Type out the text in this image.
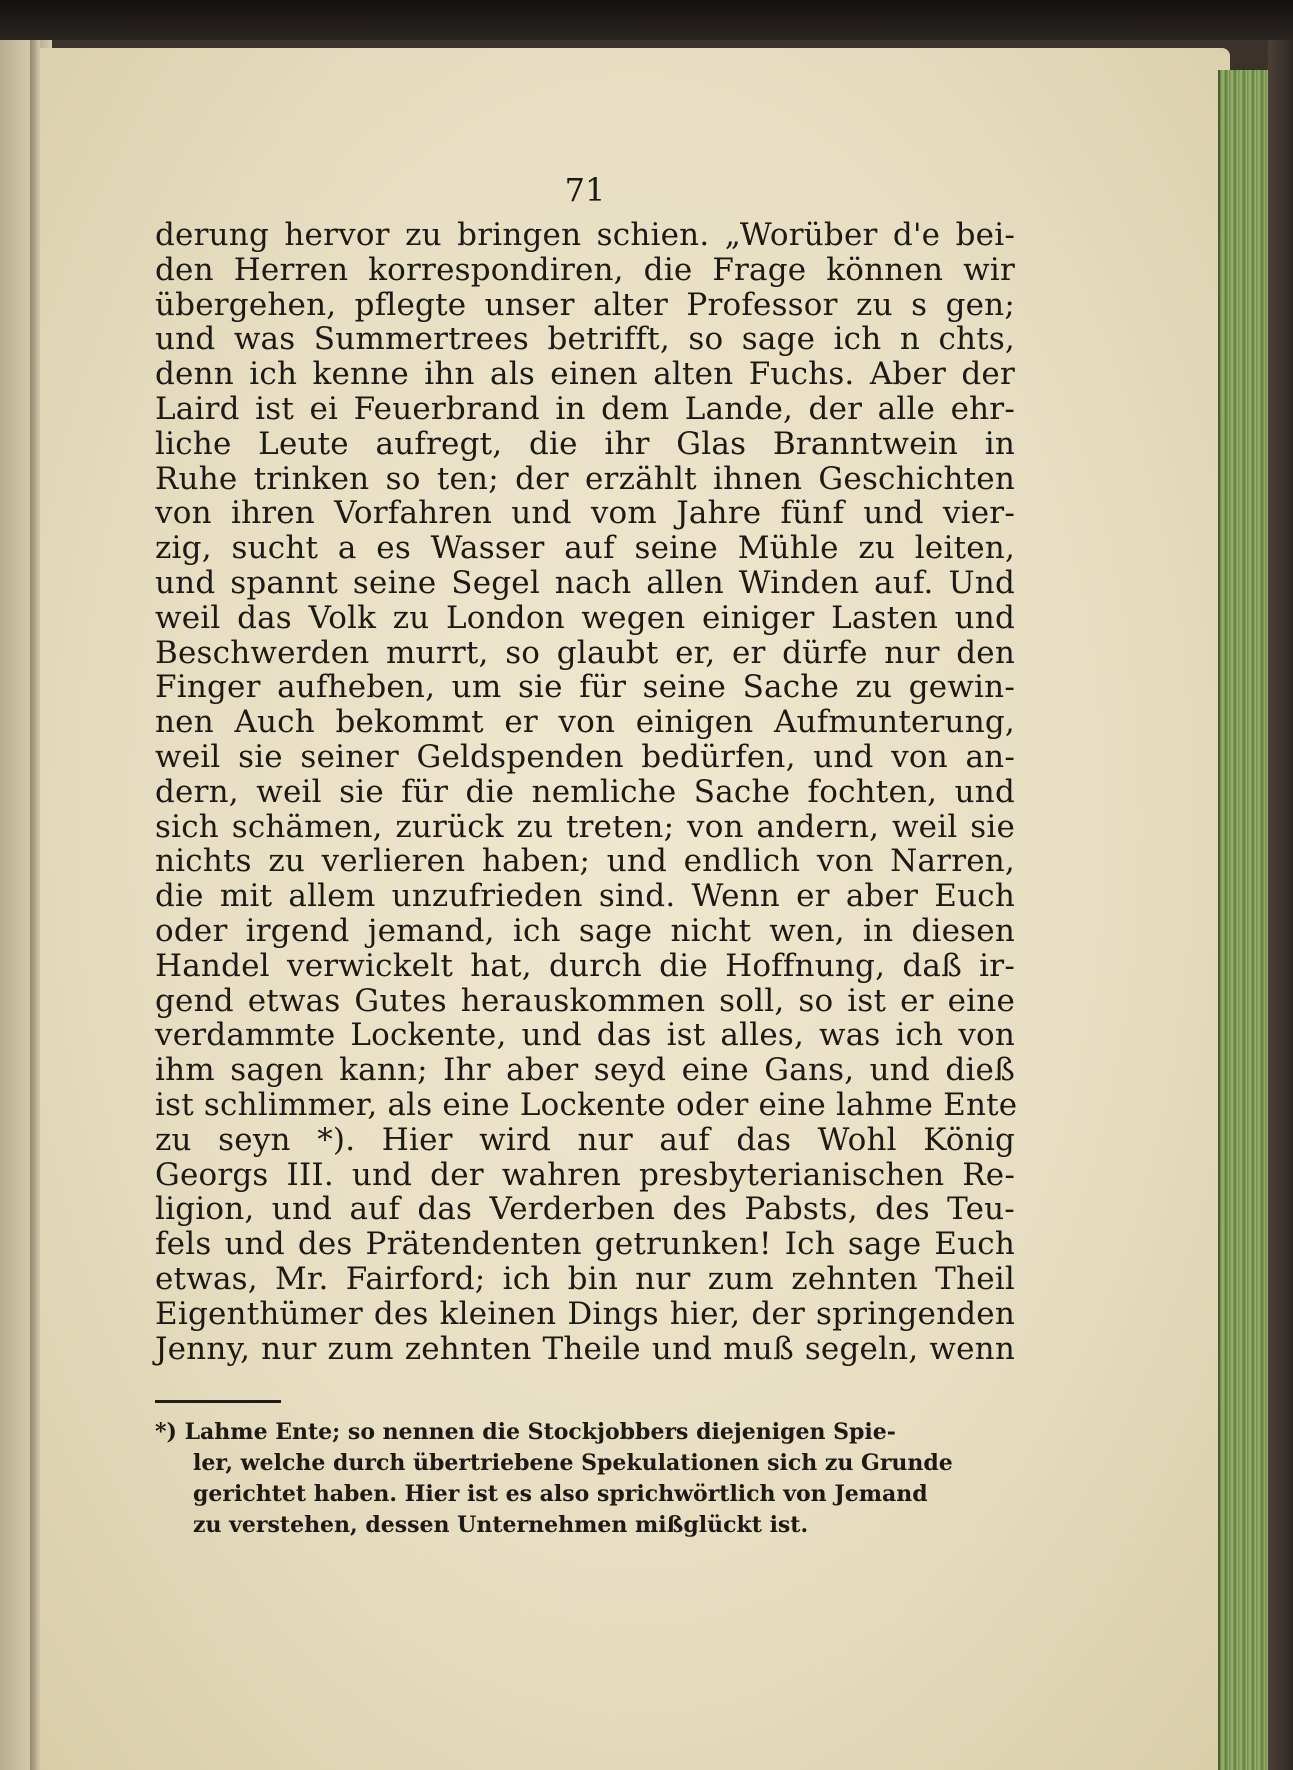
71
derung hervor zu bringen schien. „Worüber d'e bei-
den Herren korrespondiren, die Frage können wir
übergehen, pflegte unser alter Professor zu s gen;
und was Summertrees betrifft, so sage ich n chts,
denn ich kenne ihn als einen alten Fuchs. Aber der
Laird ist ei Feuerbrand in dem Lande, der alle ehr-
liche Leute aufregt, die ihr Glas Branntwein in
Ruhe trinken so ten; der erzählt ihnen Geschichten
von ihren Vorfahren und vom Jahre fünf und vier-
zig, sucht a es Wasser auf seine Mühle zu leiten,
und spannt seine Segel nach allen Winden auf. Und
weil das Volk zu London wegen einiger Lasten und
Beschwerden murrt, so glaubt er, er dürfe nur den
Finger aufheben, um sie für seine Sache zu gewin-
nen Auch bekommt er von einigen Aufmunterung,
weil sie seiner Geldspenden bedürfen, und von an-
dern, weil sie für die nemliche Sache fochten, und
sich schämen, zurück zu treten; von andern, weil sie
nichts zu verlieren haben; und endlich von Narren,
die mit allem unzufrieden sind. Wenn er aber Euch
oder irgend jemand, ich sage nicht wen, in diesen
Handel verwickelt hat, durch die Hoffnung, daß ir-
gend etwas Gutes herauskommen soll, so ist er eine
verdammte Lockente, und das ist alles, was ich von
ihm sagen kann; Ihr aber seyd eine Gans, und dieß
ist schlimmer, als eine Lockente oder eine lahme Ente
zu seyn *). Hier wird nur auf das Wohl König
Georgs III. und der wahren presbyterianischen Re-
ligion, und auf das Verderben des Pabsts, des Teu-
fels und des Prätendenten getrunken! Ich sage Euch
etwas, Mr. Fairford; ich bin nur zum zehnten Theil
Eigenthümer des kleinen Dings hier, der springenden
Jenny, nur zum zehnten Theile und muß segeln, wenn
*) Lahme Ente; so nennen die Stockjobbers diejenigen Spie-
ler, welche durch übertriebene Spekulationen sich zu Grunde
gerichtet haben. Hier ist es also sprichwörtlich von Jemand
zu verstehen, dessen Unternehmen mißglückt ist.
